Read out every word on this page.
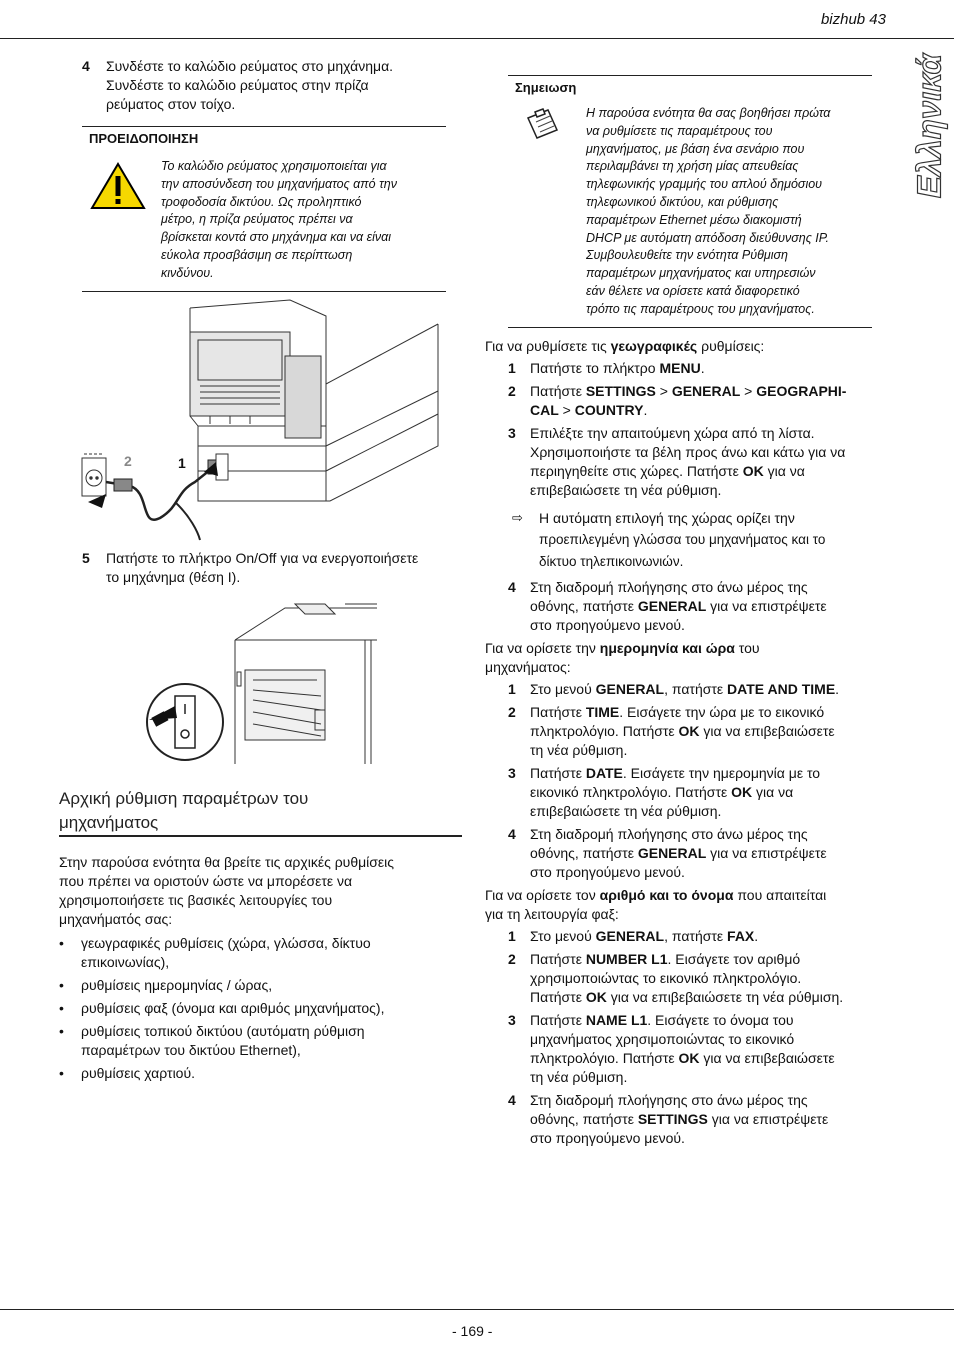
bizhub 43
Ελληνικά
4 Συνδέστε το καλώδιο ρεύματος στο μηχάνημα.
Συνδέστε το καλώδιο ρεύματος στην πρίζα
ρεύματος στον τοίχο.
ΠΡΟΕΙΔΟΠΟΙΗΣΗ
Το καλώδιο ρεύματος χρησιμοποιείται για
την αποσύνδεση του μηχανήματος από την
τροφοδοσία δικτύου. Ως προληπτικό
μέτρο, η πρίζα ρεύματος πρέπει να
βρίσκεται κοντά στο μηχάνημα και να είναι
εύκολα προσβάσιμη σε περίπτωση
κινδύνου.
2	1
5 Πατήστε το πλήκτρο On/Off για να ενεργοποιήσετε
το μηχάνημα (θέση I).
Αρχική ρύθμιση παραμέτρων του
μηχανήματος
Στην παρούσα ενότητα θα βρείτε τις αρχικές ρυθμίσεις
που πρέπει να οριστούν ώστε να μπορέσετε να
χρησιμοποιήσετε τις βασικές λειτουργίες του
μηχανήματός σας:
• γεωγραφικές ρυθμίσεις (χώρα, γλώσσα, δίκτυο
επικοινωνίας),
• ρυθμίσεις ημερομηνίας / ώρας,
• ρυθμίσεις φαξ (όνομα και αριθμός μηχανήματος),
• ρυθμίσεις τοπικού δικτύου (αυτόματη ρύθμιση
παραμέτρων του δικτύου Ethernet),
• ρυθμίσεις χαρτιού.
Σημειωση
Η παρούσα ενότητα θα σας βοηθήσει πρώτα
να ρυθμίσετε τις παραμέτρους του
μηχανήματος, με βάση ένα σενάριο που
περιλαμβάνει τη χρήση μίας απευθείας
τηλεφωνικής γραμμής του απλού δημόσιου
τηλεφωνικού δικτύου, και ρύθμισης
παραμέτρων Ethernet μέσω διακομιστή
DHCP με αυτόματη απόδοση διεύθυνσης IP.
Συμβουλευθείτε την ενότητα Ρύθμιση
παραμέτρων μηχανήματος και υπηρεσιών
εάν θέλετε να ορίσετε κατά διαφορετικό
τρόπο τις παραμέτρους του μηχανήματος.
Για να ρυθμίσετε τις γεωγραφικές ρυθμίσεις:
1 Πατήστε το πλήκτρο MENU.
2 Πατήστε SETTINGS > GENERAL > GEOGRAPHI-
CAL > COUNTRY.
3 Επιλέξτε την απαιτούμενη χώρα από τη λίστα.
Χρησιμοποιήστε τα βέλη προς άνω και κάτω για να
περιηγηθείτε στις χώρες. Πατήστε OK για να
επιβεβαιώσετε τη νέα ρύθμιση.
⇨ Η αυτόματη επιλογή της χώρας ορίζει την
προεπιλεγμένη γλώσσα του μηχανήματος και το
δίκτυο τηλεπικοινωνιών.
4 Στη διαδρομή πλοήγησης στο άνω μέρος της
οθόνης, πατήστε GENERAL για να επιστρέψετε
στο προηγούμενο μενού.
Για να ορίσετε την ημερομηνία και ώρα του
μηχανήματος:
1 Στο μενού GENERAL, πατήστε DATE AND TIME.
2 Πατήστε TIME. Εισάγετε την ώρα με το εικονικό
πληκτρολόγιο. Πατήστε OK για να επιβεβαιώσετε
τη νέα ρύθμιση.
3 Πατήστε DATE. Εισάγετε την ημερομηνία με το
εικονικό πληκτρολόγιο. Πατήστε OK για να
επιβεβαιώσετε τη νέα ρύθμιση.
4 Στη διαδρομή πλοήγησης στο άνω μέρος της
οθόνης, πατήστε GENERAL για να επιστρέψετε
στο προηγούμενο μενού.
Για να ορίσετε τον αριθμό και το όνομα που απαιτείται
για τη λειτουργία φαξ:
1 Στο μενού GENERAL, πατήστε FAX.
2 Πατήστε NUMBER L1. Εισάγετε τον αριθμό
χρησιμοποιώντας το εικονικό πληκτρολόγιο.
Πατήστε OK για να επιβεβαιώσετε τη νέα ρύθμιση.
3 Πατήστε NAME L1. Εισάγετε το όνομα του
μηχανήματος χρησιμοποιώντας το εικονικό
πληκτρολόγιο. Πατήστε OK για να επιβεβαιώσετε
τη νέα ρύθμιση.
4 Στη διαδρομή πλοήγησης στο άνω μέρος της
οθόνης, πατήστε SETTINGS για να επιστρέψετε
στο προηγούμενο μενού.
- 169 -
